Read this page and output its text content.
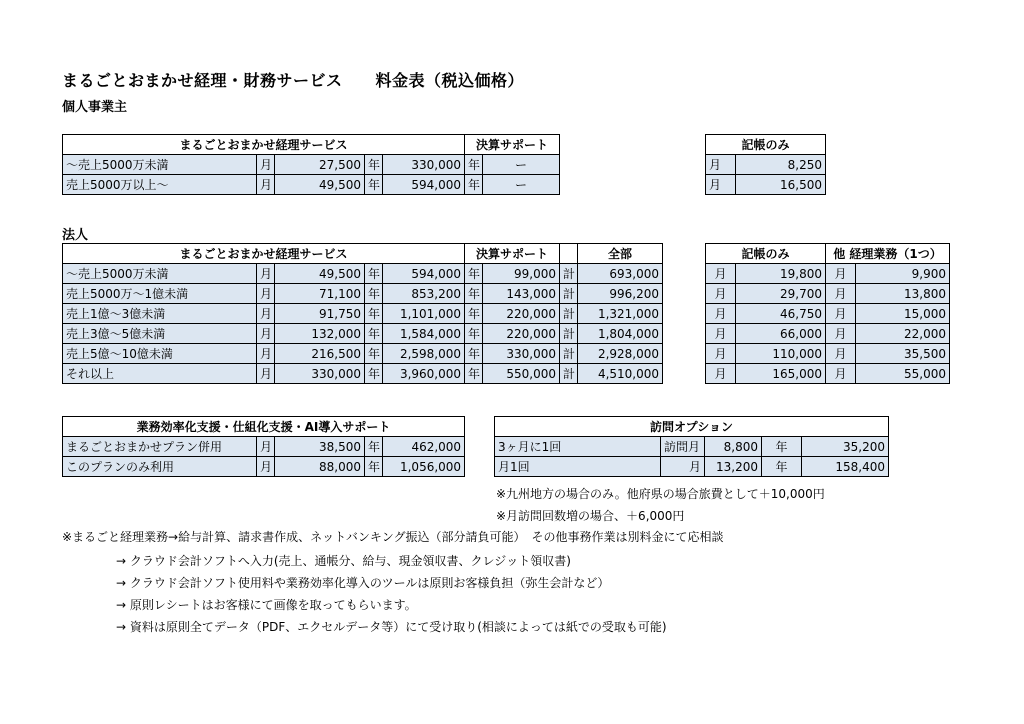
まるごとおまかせ経理・財務サービス　　料金表（税込価格）
個人事業主
まるごとおまかせ経理サービス					決算サポート	
〜売上5000万未満	月	27,500	年	330,000	年	ー
売上5000万以上〜	月	49,500	年	594,000	年	ー
記帳のみ	
月	8,250
月	16,500
法人
まるごとおまかせ経理サービス					決算サポート			全部
〜売上5000万未満	月	49,500	年	594,000	年	99,000	計	693,000
売上5000万〜1億未満	月	71,100	年	853,200	年	143,000	計	996,200
売上1億〜3億未満	月	91,750	年	1,101,000	年	220,000	計	1,321,000
売上3億〜5億未満	月	132,000	年	1,584,000	年	220,000	計	1,804,000
売上5億〜10億未満	月	216,500	年	2,598,000	年	330,000	計	2,928,000
それ以上	月	330,000	年	3,960,000	年	550,000	計	4,510,000
記帳のみ		他 経理業務（1つ）	
月	19,800	月	9,900
月	29,700	月	13,800
月	46,750	月	15,000
月	66,000	月	22,000
月	110,000	月	35,500
月	165,000	月	55,000
業務効率化支援・仕組化支援・AI導入サポート				
まるごとおまかせプラン併用	月	38,500	年	462,000
このプランのみ利用	月	88,000	年	1,056,000
訪問オプション				
3ヶ月に1回	訪問月	8,800	年	35,200
月1回	月	13,200	年	158,400
※九州地方の場合のみ。他府県の場合旅費として＋10,000円
※月訪問回数増の場合、＋6,000円
※まるごと経理業務→給与計算、請求書作成、ネットバンキング振込（部分請負可能）　その他事務作業は別料金にて応相談
→ クラウド会計ソフトへ入力(売上、通帳分、給与、現金領収書、クレジット領収書)
→ クラウド会計ソフト使用料や業務効率化導入のツールは原則お客様負担（弥生会計など）
→ 原則レシートはお客様にて画像を取ってもらいます。
→ 資料は原則全てデータ（PDF、エクセルデータ等）にて受け取り(相談によっては紙での受取も可能)
